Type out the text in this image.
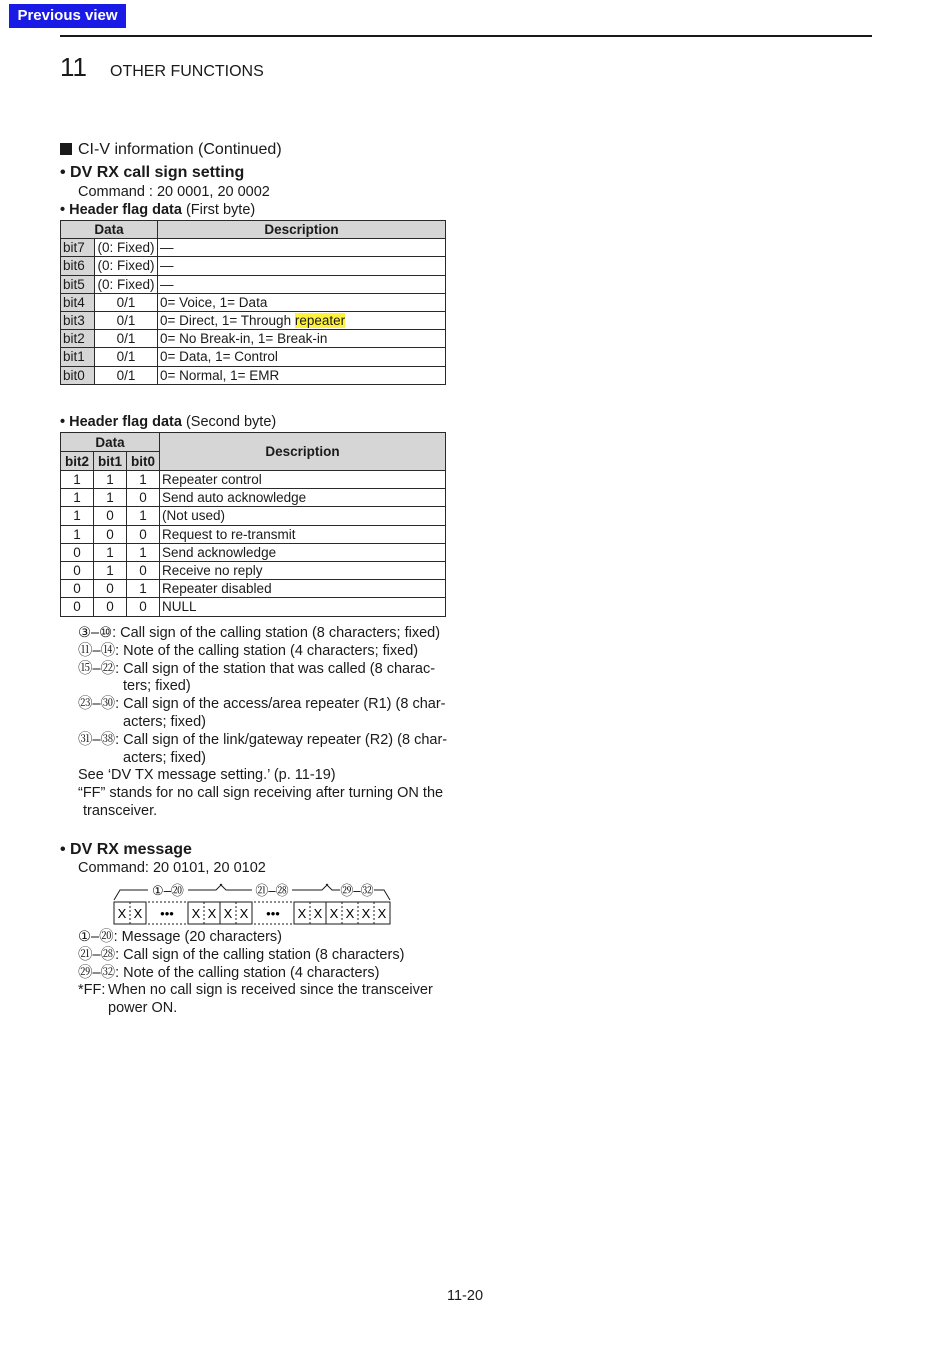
Previous view
11 OTHER FUNCTIONS
CI-V information (Continued)
• DV RX call sign setting
Command : 20 0001, 20 0002
• Header flag data (First byte)
Data		Description
bit7	(0: Fixed)	—
bit6	(0: Fixed)	—
bit5	(0: Fixed)	—
bit4	0/1	0= Voice, 1= Data
bit3	0/1	0= Direct, 1= Through repeater
bit2	0/1	0= No Break-in, 1= Break-in
bit1	0/1	0= Data, 1= Control
bit0	0/1	0= Normal, 1= EMR
• Header flag data (Second byte)
Data			Description
bit2	bit1	bit0	
1	1	1	Repeater control
1	1	0	Send auto acknowledge
1	0	1	(Not used)
1	0	0	Request to re-transmit
0	1	1	Send acknowledge
0	1	0	Receive no reply
0	0	1	Repeater disabled
0	0	0	NULL
③–⑩ : Call sign of the calling station (8 characters; fixed)
⑪–⑭ : Note of the calling station (4 characters; fixed)
⑮–㉒ : Call sign of the station that was called (8 charac-
ters; fixed)
㉓–㉚ : Call sign of the access/area repeater (R1) (8 char-
acters; fixed)
㉛–㊳ : Call sign of the link/gateway repeater (R2) (8 char-
acters; fixed)
See ‘DV TX message setting.’ (p. 11-19)
“FF” stands for no call sign receiving after turning ON the
transceiver.
• DV RX message
Command: 20 0101, 20 0102
①–⑳	㉑–㉘	㉙–㉜
X X ••• X X X X ••• X X X X X X
①–⑳ : Message (20 characters)
㉑–㉘ : Call sign of the calling station (8 characters)
㉙–㉜ : Note of the calling station (4 characters)
*FF: When no call sign is received since the transceiver
power ON.
11-20
